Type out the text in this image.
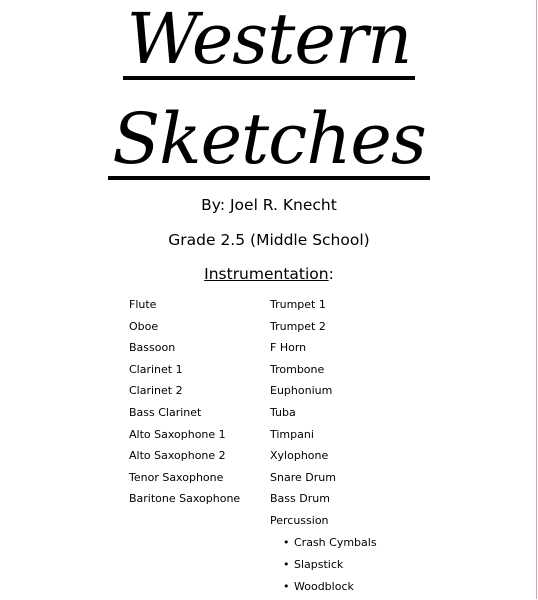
Western
Sketches
By: Joel R. Knecht
Grade 2.5 (Middle School)
Instrumentation:
Flute
Oboe
Bassoon
Clarinet 1
Clarinet 2
Bass Clarinet
Alto Saxophone 1
Alto Saxophone 2
Tenor Saxophone
Baritone Saxophone
Trumpet 1
Trumpet 2
F Horn
Trombone
Euphonium
Tuba
Timpani
Xylophone
Snare Drum
Bass Drum
Percussion
• Crash Cymbals
• Slapstick
• Woodblock
